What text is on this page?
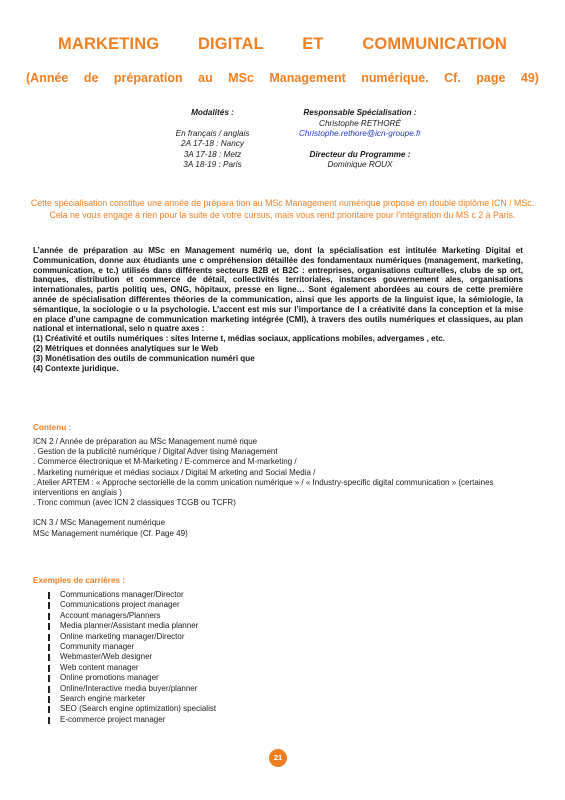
MARKETING DIGITAL ET COMMUNICATION
(Année de préparation au MSc Management numérique. Cf. page 49)
Modalités :
En français / anglais
2A 17-18 : Nancy
3A 17-18 : Metz
3A 18-19 : Paris
Responsable Spécialisation :
Christophe RETHORÉ
Christophe.rethore@icn-groupe.fr
Directeur du Programme :
Dominique ROUX
Cette spécialisation constitue une année de prépara tion au MSc Management numérique proposé en double diplôme ICN / MSc. Cela ne vous engage à rien pour la suite de votre cursus, mais vous rend prioritaire pour l’intégration du MS c 2 à Paris.
L’année de préparation au MSc en Management numériq ue, dont la spécialisation est intitulée Marketing Digital et Communication, donne aux étudiants une c ompréhension détaillée des fondamentaux numériques (management, marketing, communication, e tc.) utilisés dans différents secteurs B2B et B2C : entreprises, organisations culturelles, clubs de sp ort, banques, distribution et commerce de détail, collectivités territoriales, instances gouvernement ales, organisations internationales, partis politiq ues, ONG, hôpitaux, presse en ligne… Sont également abordées au cours de cette première année de spécialisation différentes théories de la communication, ainsi que les apports de la linguist ique, la sémiologie, la sémantique, la sociologie o u la psychologie. L’accent est mis sur l’importance de l a créativité dans la conception et la mise en place d’une campagne de communication marketing intégrée (CMI), à travers des outils numériques et classiques, au plan national et international, selo n quatre axes :
(1) Créativité et outils numériques : sites Interne t, médias sociaux, applications mobiles, advergames , etc.
(2) Métriques et données analytiques sur le Web
(3) Monétisation des outils de communication numéri que
(4) Contexte juridique.
Contenu :

ICN 2 / Année de préparation au MSc Management numé rique

. Gestion de la publicité numérique / Digital Adver tising Management

. Commerce électronique et M-Marketing / E-commerce and M-marketing /

. Marketing numérique et médias sociaux / Digital M arketing and Social Media /

. Atelier ARTEM : « Approche sectorielle de la comm unication numérique » / « Industry-specific digital communication » (certaines interventions en anglais )

. Tronc commun (avec ICN 2 classiques TCGB ou TCFR)

ICN 3 / MSc Management numérique

MSc Management numérique (Cf. Page 49)

Exemples de carrières :
Communications manager/Director
Communications project manager
Account managers/Planners
Media planner/Assistant media planner
Online marketing manager/Director
Community manager
Webmaster/Web designer
Web content manager
Online promotions manager
Online/Interactive media buyer/planner
Search engine marketer
SEO (Search engine optimization) specialist
E-commerce project manager
21
